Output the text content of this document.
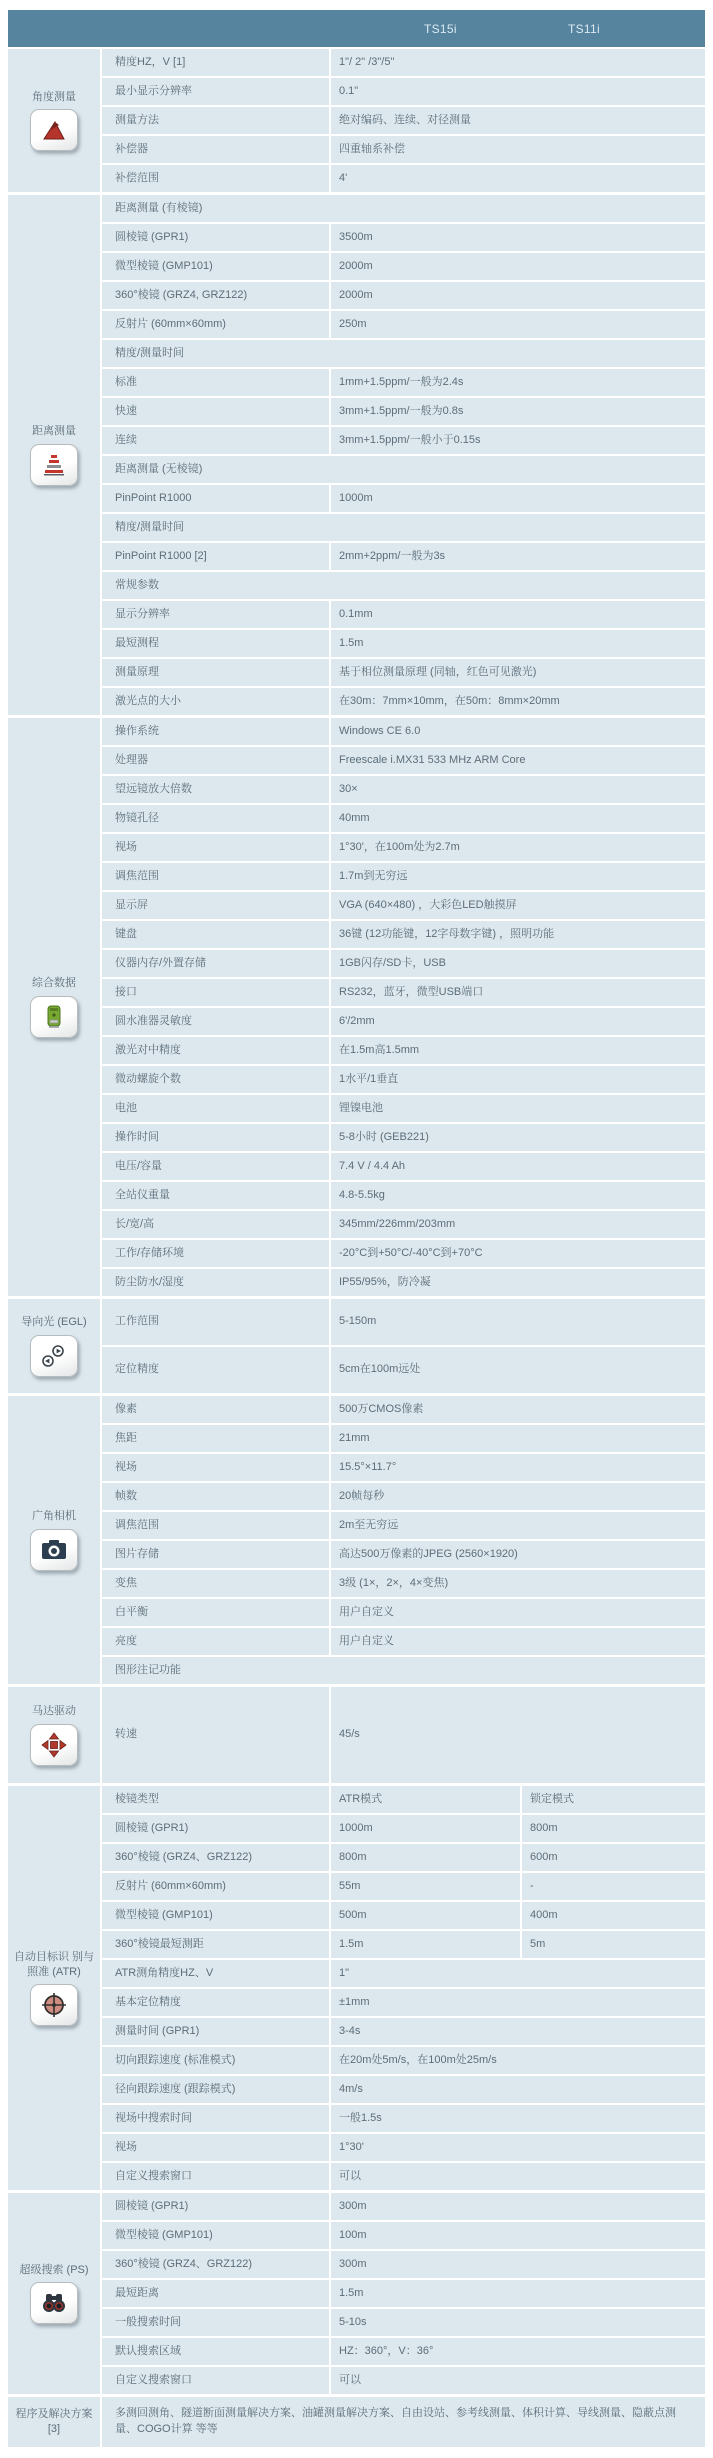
TS15i	TS11i
角度测量
精度HZ，V [1]	1"/ 2" /3"/5"
最小显示分辨率	0.1"
测量方法	绝对编码、连续、对径测量
补偿器	四重轴系补偿
补偿范围	4'
距离测量
距离测量 (有棱镜)
圆棱镜 (GPR1)	3500m
微型棱镜 (GMP101)	2000m
360°棱镜 (GRZ4, GRZ122)	2000m
反射片 (60mm×60mm)	250m
精度/测量时间
标准	1mm+1.5ppm/一般为2.4s
快速	3mm+1.5ppm/一般为0.8s
连续	3mm+1.5ppm/一般小于0.15s
距离测量 (无棱镜)
PinPoint R1000	1000m
精度/测量时间
PinPoint R1000 [2]	2mm+2ppm/一般为3s
常规参数
显示分辨率	0.1mm
最短测程	1.5m
测量原理	基于相位测量原理 (同轴，红色可见激光)
激光点的大小	在30m：7mm×10mm，在50m：8mm×20mm
综合数据
操作系统	Windows CE 6.0
处理器	Freescale i.MX31 533 MHz ARM Core
望远镜放大倍数	30×
物镜孔径	40mm
视场	1°30'，在100m处为2.7m
调焦范围	1.7m到无穷远
显示屏	VGA (640×480) ，大彩色LED触摸屏
键盘	36键 (12功能键，12字母数字键) ，照明功能
仪器内存/外置存储	1GB闪存/SD卡，USB
接口	RS232，蓝牙，微型USB端口
圆水准器灵敏度	6'/2mm
激光对中精度	在1.5m高1.5mm
微动螺旋个数	1水平/1垂直
电池	锂镍电池
操作时间	5-8小时 (GEB221)
电压/容量	7.4 V / 4.4 Ah
全站仪重量	4.8-5.5kg
长/宽/高	345mm/226mm/203mm
工作/存储环境	-20°C到+50°C/-40°C到+70°C
防尘防水/湿度	IP55/95%，防冷凝
导向光 (EGL)	工作范围	5-150m
定位精度	5cm在100m远处
广角相机
像素	500万CMOS像素
焦距	21mm
视场	15.5°×11.7°
帧数	20帧每秒
调焦范围	2m至无穷远
图片存储	高达500万像素的JPEG (2560×1920)
变焦	3级 (1×，2×，4×变焦)
白平衡	用户自定义
亮度	用户自定义
图形注记功能
马达驱动
转速	45/s
自动目标识 别与照准 (ATR)
棱镜类型	ATR模式	锁定模式
圆棱镜 (GPR1)	1000m	800m
360°棱镜 (GRZ4、GRZ122)	800m	600m
反射片 (60mm×60mm)	55m	-
微型棱镜 (GMP101)	500m	400m
360°棱镜最短测距	1.5m	5m
ATR测角精度HZ、V	1"
基本定位精度	±1mm
测量时间 (GPR1)	3-4s
切向跟踪速度 (标准模式)	在20m处5m/s，在100m处25m/s
径向跟踪速度 (跟踪模式)	4m/s
视场中搜索时间	一般1.5s
视场	1°30'
自定义搜索窗口	可以
超级搜索 (PS)
圆棱镜 (GPR1)	300m
微型棱镜 (GMP101)	100m
360°棱镜 (GRZ4、GRZ122)	300m
最短距离	1.5m
一般搜索时间	5-10s
默认搜索区域	HZ：360°，V：36°
自定义搜索窗口	可以
程序及解决方案 [3]
多测回测角、隧道断面测量解决方案、油罐测量解决方案、自由设站、参考线测量、体积计算、导线测量、隐蔽点测量、COGO计算 等等
